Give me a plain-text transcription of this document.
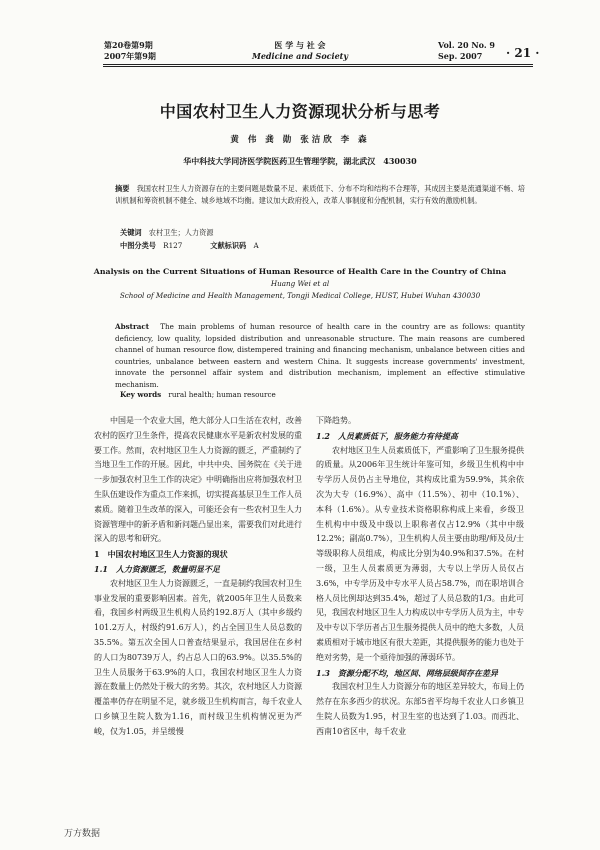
第20卷第9期
2007年第9期
医 学 与 社 会
Medicine and Society
Vol. 20 No. 9
Sep. 2007	· 21 ·
中国农村卫生人力资源现状分析与思考
黄 伟 龚 勋 张洁欣 李 森
华中科技大学同济医学院医药卫生管理学院，湖北武汉　430030

摘要　 我国农村卫生人力资源存在的主要问题是数量不足、素质低下、分布不均和结构不合理等，其成因主要是流通渠道不畅、培训机制和筹资机制不健全、城乡地域不均衡。建议加大政府投入，改革人事制度和分配机制，实行有效的激励机制。

关键词　 农村卫生；人力资源
中图分类号　 R127	文献标识码　 A
Analysis on the Current Situations of Human Resource of Health Care in the Country of China
Huang Wei et al
School of Medicine and Health Management, Tongji Medical College, HUST, Hubei Wuhan 430030

Abstract　 The main problems of human resource of health care in the country are as follows: quantity deficiency, low quality, lopsided distribution and unreasonable structure. The main reasons are cumbered channel of human resource flow, distempered training and financing mechanism, unbalance between cities and countries, unbalance between eastern and western China. It suggests increase governments' investment, innovate the personnel affair system and distribution mechanism, implement an effective stimulative mechanism.

Key words　 rural health; human resource

中国是一个农业大国，绝大部分人口生活在农村，改善农村的医疗卫生条件，提高农民健康水平是新农村发展的重要工作。然而，农村地区卫生人力资源的匮乏，严重制约了当地卫生工作的开展。因此，中共中央、国务院在《关于进一步加强农村卫生工作的决定》中明确指出应将加强农村卫生队伍建设作为重点工作来抓，切实提高基层卫生工作人员素质。随着卫生改革的深入，可能还会有一些农村卫生人力资源管理中的新矛盾和新问题凸显出来，需要我们对此进行深入的思考和研究。

1　中国农村地区卫生人力资源的现状

1.1　人力资源匮乏，数量明显不足

农村地区卫生人力资源匮乏，一直是制约我国农村卫生事业发展的重要影响因素。首先，就2005年卫生人员数来看，我国乡村两级卫生机构人员约192.8万人（其中乡级约101.2万人，村级约91.6万人），约占全国卫生人员总数的35.5%。第五次全国人口普查结果显示，我国居住在乡村的人口为80739万人，约占总人口的63.9%。以35.5%的卫生人员服务于63.9%的人口，我国农村地区卫生人力资源在数量上仍然处于极大的劣势。其次，农村地区人力资源覆盖率仍存在明显不足，就乡级卫生机构而言，每千农业人口乡镇卫生院人数为1.16，而村级卫生机构情况更为严峻，仅为1.05，并呈缓慢

下降趋势。

1.2　人员素质低下，服务能力有待提高

农村地区卫生人员素质低下，严重影响了卫生服务提供的质量。从2006年卫生统计年鉴可知，乡级卫生机构中中专学历人员仍占主导地位，其构成比重为59.9%，其余依次为大专（16.9%）、高中（11.5%）、初中（10.1%）、本科（1.6%）。从专业技术资格职称构成上来看，乡级卫生机构中中级及中级以上职称者仅占12.9%（其中中级12.2%；副高0.7%），卫生机构人员主要由助理/师及员/士等级职称人员组成，构成比分别为40.9%和37.5%。在村一级，卫生人员素质更为薄弱，大专以上学历人员仅占3.6%，中专学历及中专水平人员占58.7%，而在职培训合格人员比例却达到35.4%，超过了人员总数的1/3。由此可见，我国农村地区卫生人力构成以中专学历人员为主，中专及中专以下学历者占卫生服务提供人员中的绝大多数，人员素质相对于城市地区有很大差距，其提供服务的能力也处于绝对劣势，是一个亟待加强的薄弱环节。

1.3　资源分配不均，地区间、网络层级间存在差异

我国农村卫生人力资源分布的地区差异较大，布局上仍然存在东多西少的状况。东部5省平均每千农业人口乡镇卫生院人员数为1.95，村卫生室的也达到了1.03。而西北、西南10省区中，每千农业

万方数据
